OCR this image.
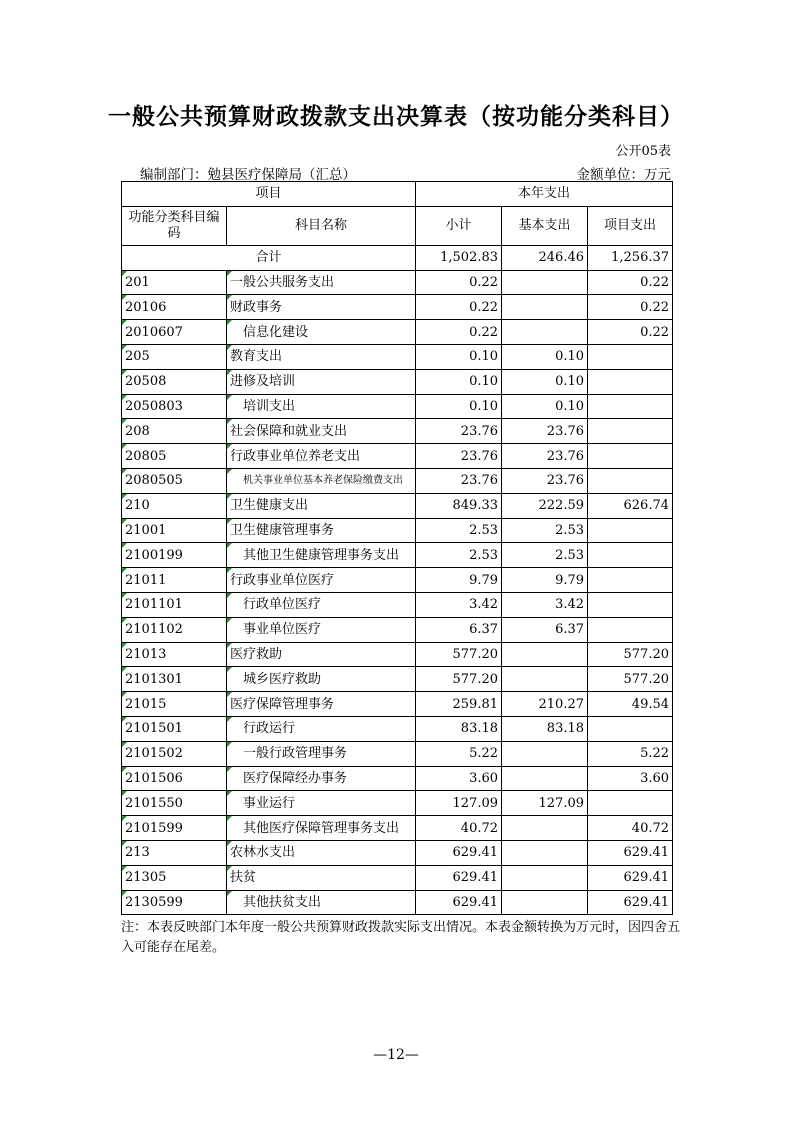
一般公共预算财政拨款支出决算表（按功能分类科目）
公开05表
编制部门：勉县医疗保障局（汇总）	金额单位：万元
项目		本年支出		
功能分类科目编码	科目名称	小计	基本支出	项目支出
合计		1,502.83	246.46	1,256.37
201	一般公共服务支出	0.22		0.22
20106	财政事务	0.22		0.22
2010607	信息化建设	0.22		0.22
205	教育支出	0.10	0.10	
20508	进修及培训	0.10	0.10	
2050803	培训支出	0.10	0.10	
208	社会保障和就业支出	23.76	23.76	
20805	行政事业单位养老支出	23.76	23.76	
2080505	机关事业单位基本养老保险缴费支出	23.76	23.76	
210	卫生健康支出	849.33	222.59	626.74
21001	卫生健康管理事务	2.53	2.53	
2100199	其他卫生健康管理事务支出	2.53	2.53	
21011	行政事业单位医疗	9.79	9.79	
2101101	行政单位医疗	3.42	3.42	
2101102	事业单位医疗	6.37	6.37	
21013	医疗救助	577.20		577.20
2101301	城乡医疗救助	577.20		577.20
21015	医疗保障管理事务	259.81	210.27	49.54
2101501	行政运行	83.18	83.18	
2101502	一般行政管理事务	5.22		5.22
2101506	医疗保障经办事务	3.60		3.60
2101550	事业运行	127.09	127.09	
2101599	其他医疗保障管理事务支出	40.72		40.72
213	农林水支出	629.41		629.41
21305	扶贫	629.41		629.41
2130599	其他扶贫支出	629.41		629.41
注：本表反映部门本年度一般公共预算财政拨款实际支出情况。本表金额转换为万元时，因四舍五入可能存在尾差。
—12—
